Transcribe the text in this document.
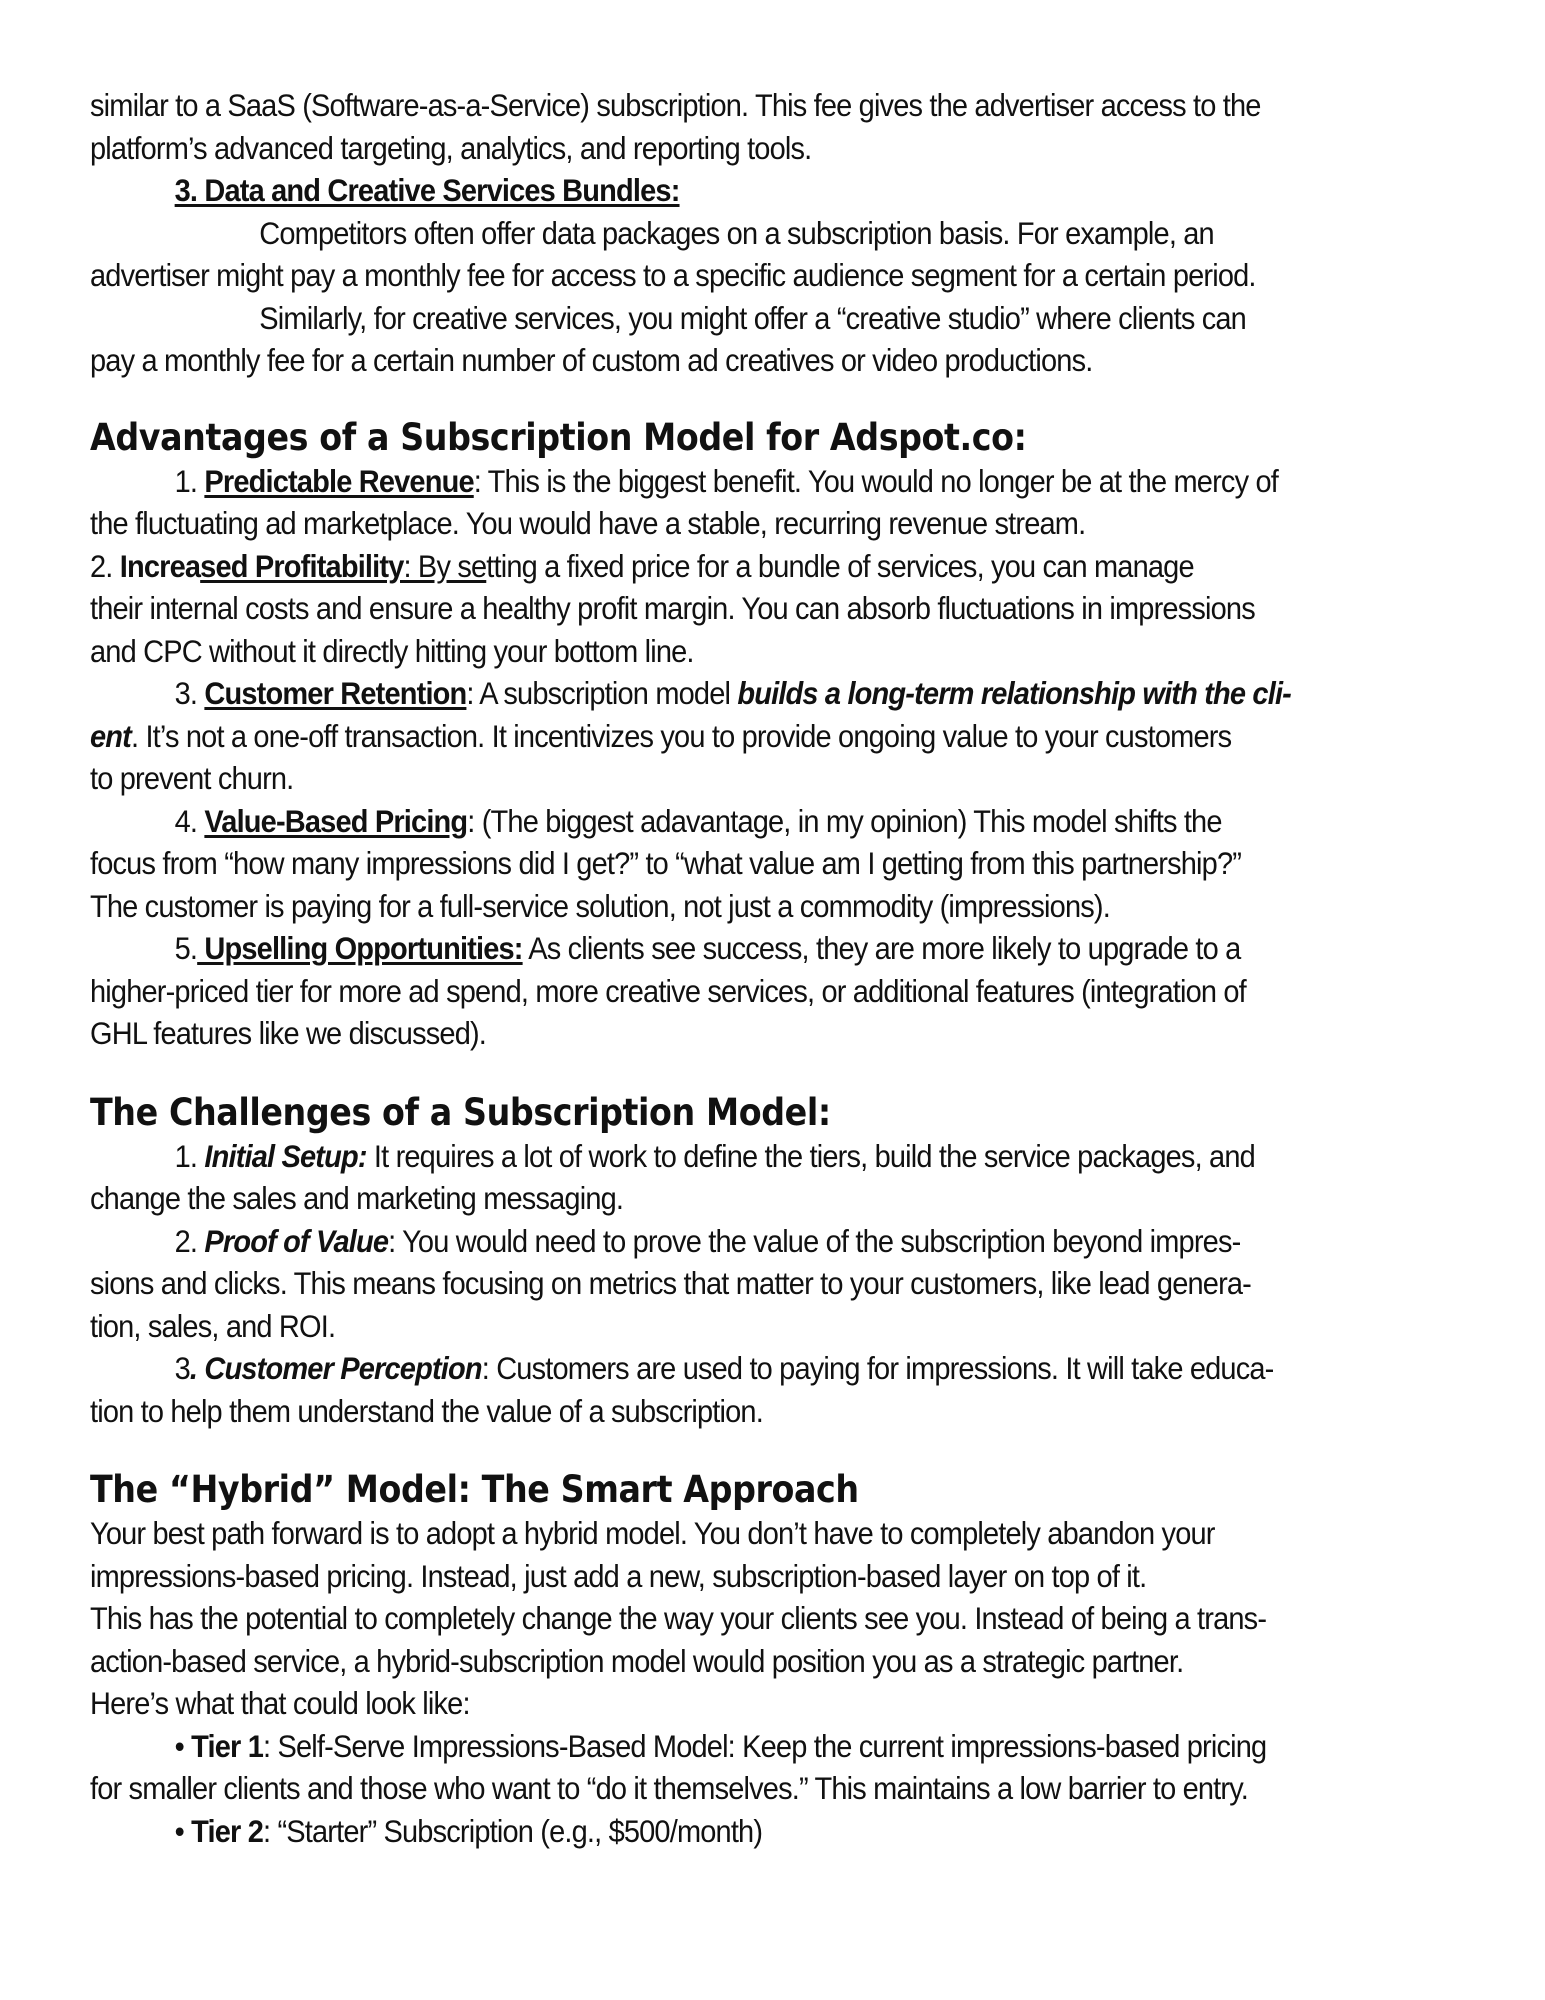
similar to a SaaS (Software-as-a-Service) subscription. This fee gives the advertiser access to the

platform’s advanced targeting, analytics, and reporting tools.

3. Data and Creative Services Bundles:

Competitors often offer data packages on a subscription basis. For example, an

advertiser might pay a monthly fee for access to a specific audience segment for a certain period.

Similarly, for creative services, you might offer a “creative studio” where clients can

pay a monthly fee for a certain number of custom ad creatives or video productions.

Advantages of a Subscription Model for Adspot.co:

1. Predictable Revenue: This is the biggest benefit. You would no longer be at the mercy of

the fluctuating ad marketplace. You would have a stable, recurring revenue stream.

2. Increased Profitability: By setting a fixed price for a bundle of services, you can manage

their internal costs and ensure a healthy profit margin. You can absorb fluctuations in impressions

and CPC without it directly hitting your bottom line.

3. Customer Retention: A subscription model builds a long-term relationship with the cli-

ent. It’s not a one-off transaction. It incentivizes you to provide ongoing value to your customers

to prevent churn.

4. Value-Based Pricing: (The biggest adavantage, in my opinion) This model shifts the

focus from “how many impressions did I get?” to “what value am I getting from this partnership?”

The customer is paying for a full-service solution, not just a commodity (impressions).

5. Upselling Opportunities: As clients see success, they are more likely to upgrade to a

higher-priced tier for more ad spend, more creative services, or additional features (integration of

GHL features like we discussed).

The Challenges of a Subscription Model:

1. Initial Setup: It requires a lot of work to define the tiers, build the service packages, and

change the sales and marketing messaging.

2. Proof of Value: You would need to prove the value of the subscription beyond impres-

sions and clicks. This means focusing on metrics that matter to your customers, like lead genera-

tion, sales, and ROI.

3. Customer Perception: Customers are used to paying for impressions. It will take educa-

tion to help them understand the value of a subscription.

The “Hybrid” Model: The Smart Approach

Your best path forward is to adopt a hybrid model. You don’t have to completely abandon your

impressions-based pricing. Instead, just add a new, subscription-based layer on top of it.

This has the potential to completely change the way your clients see you. Instead of being a trans-

action-based service, a hybrid-subscription model would position you as a strategic partner.

Here’s what that could look like:

• Tier 1: Self-Serve Impressions-Based Model: Keep the current impressions-based pricing

for smaller clients and those who want to “do it themselves.” This maintains a low barrier to entry.

• Tier 2: “Starter” Subscription (e.g., $500/month)
